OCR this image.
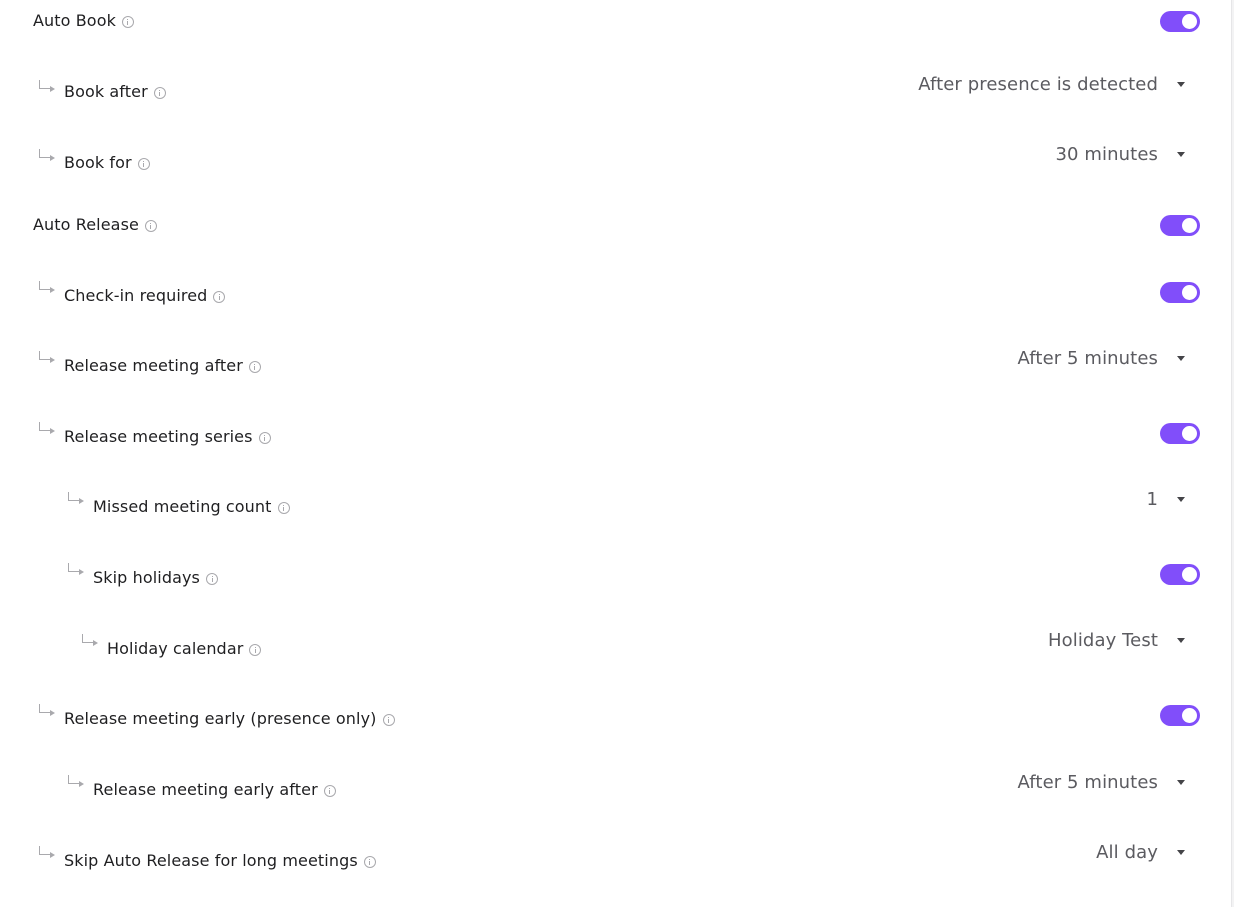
Auto Book
Book after	After presence is detected
Book for	30 minutes
Auto Release
Check-in required
Release meeting after	After 5 minutes
Release meeting series
Missed meeting count	1
Skip holidays
Holiday calendar	Holiday Test
Release meeting early (presence only)
Release meeting early after	After 5 minutes
Skip Auto Release for long meetings	All day
